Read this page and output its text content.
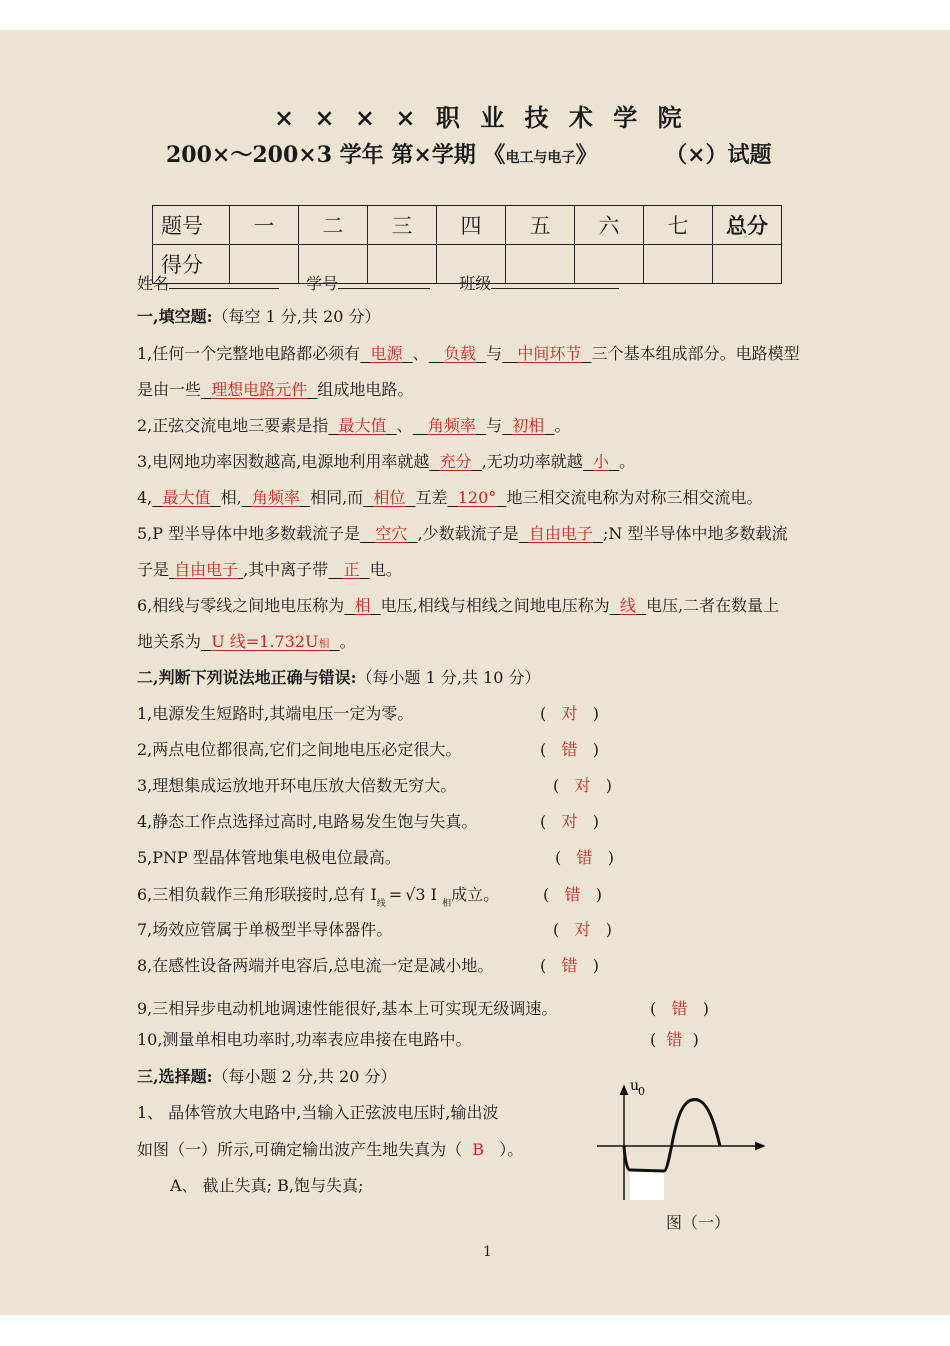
× × × × 职 业 技 术 学 院
200×～200×3 学年 第×学期 《电工与电子》	（×）试题
题号	一	二	三	四	五	六	七	总分
得分								
姓名	学号	班级
一,填空题:（每空 1 分,共 20 分）
1,任何一个完整地电路都必须有 电源 、 负载 与 中间环节 三个基本组成部分。电路模型
是由一些 理想电路元件 组成地电路。
2,正弦交流电地三要素是指 最大值 、 角频率 与 初相 。
3,电网地功率因数越高,电源地利用率就越 充分 ,无功功率就越 小 。
4, 最大值 相, 角频率 相同,而 相位 互差 120° 地三相交流电称为对称三相交流电。
5,P 型半导体中地多数载流子是 空穴 ,少数载流子是 自由电子 ;N 型半导体中地多数载流
子是 自由电子 ,其中离子带 正 电。
6,相线与零线之间地电压称为 相 电压,相线与相线之间地电压称为 线 电压,二者在数量上
地关系为 U 线=1.732U相 。
二,判断下列说法地正确与错误:（每小题 1 分,共 10 分）
1,电源发生短路时,其端电压一定为零。	(   对   )
2,两点电位都很高,它们之间地电压必定很大。	(   错   )
3,理想集成运放地开环电压放大倍数无穷大。	(   对   )
4,静态工作点选择过高时,电路易发生饱与失真。	(   对   )
5,PNP 型晶体管地集电极电位最高。	(   错   )
6,三相负载作三角形联接时,总有 $I_线 = √3$ I $_相$成立。	(   错   )
7,场效应管属于单极型半导体器件。	(   对   )
8,在感性设备两端并电容后,总电流一定是减小地。	(   错   )
9,三相异步电动机地调速性能很好,基本上可实现无级调速。	(   错   )
10,测量单相电功率时,功率表应串接在电路中。	(  错  )
三,选择题:（每小题 2 分,共 20 分）
1、 晶体管放大电路中,当输入正弦波电压时,输出波
如图（一）所示,可确定输出波产生地失真为（ B ）。
A、 截止失真; B,饱与失真;
u
0
图（一）
1
